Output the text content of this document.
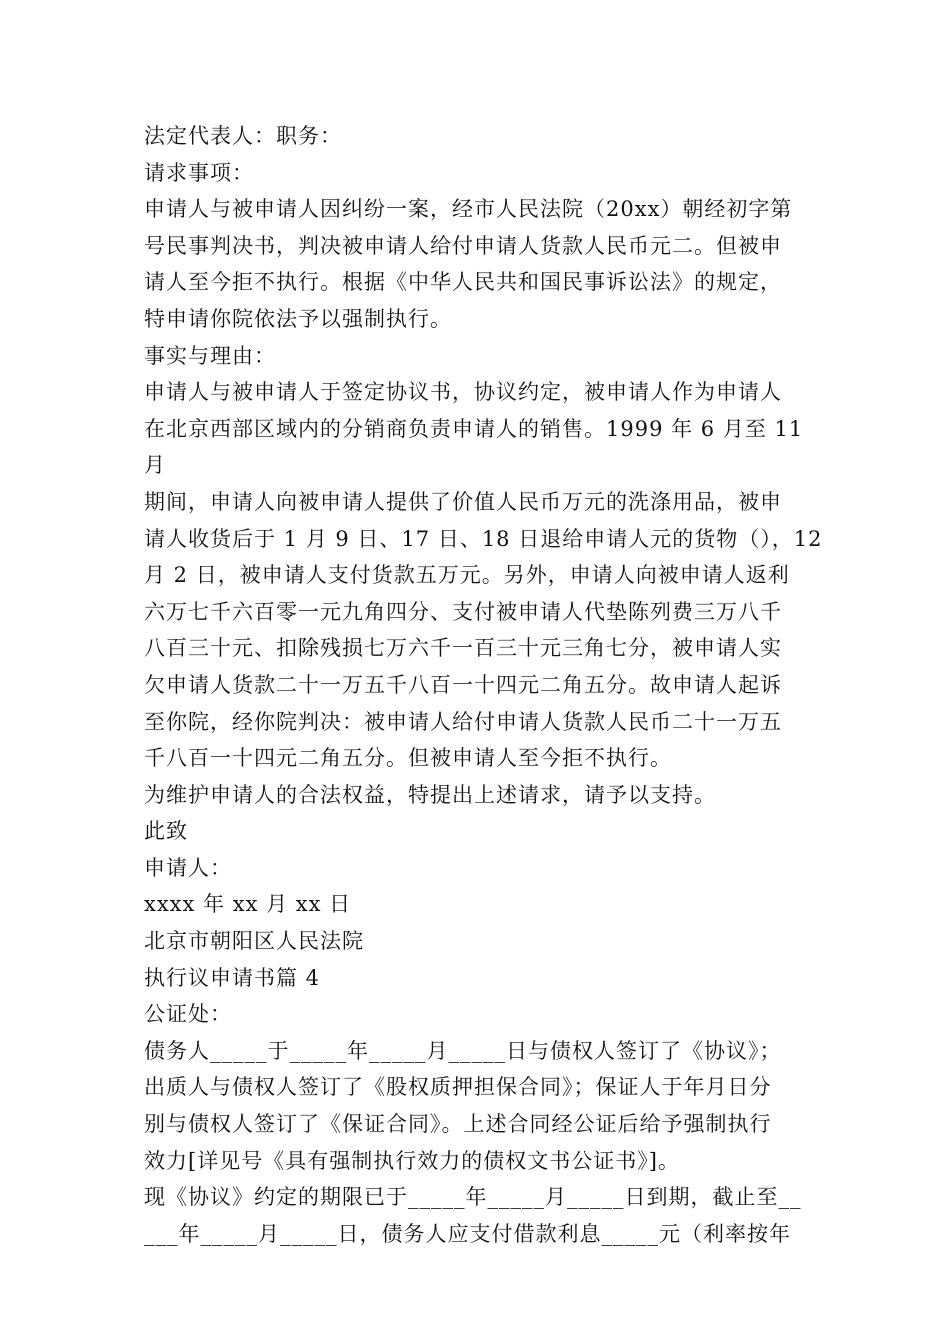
法定代表人：职务：

请求事项：

申请人与被申请人因纠纷一案，经市人民法院（20xx）朝经初字第

号民事判决书，判决被申请人给付申请人货款人民币元二。但被申

请人至今拒不执行。根据《中华人民共和国民事诉讼法》的规定，

特申请你院依法予以强制执行。

事实与理由：

申请人与被申请人于签定协议书，协议约定，被申请人作为申请人

在北京西部区域内的分销商负责申请人的销售。1999 年 6 月至 11 月

期间，申请人向被申请人提供了价值人民币万元的洗涤用品，被申

请人收货后于 1 月 9 日、17 日、18 日退给申请人元的货物（），12

月 2 日，被申请人支付货款五万元。另外，申请人向被申请人返利

六万七千六百零一元九角四分、支付被申请人代垫陈列费三万八千

八百三十元、扣除残损七万六千一百三十元三角七分，被申请人实

欠申请人货款二十一万五千八百一十四元二角五分。故申请人起诉

至你院，经你院判决：被申请人给付申请人货款人民币二十一万五

千八百一十四元二角五分。但被申请人至今拒不执行。

为维护申请人的合法权益，特提出上述请求，请予以支持。

此致

申请人：

xxxx 年 xx 月 xx 日

北京市朝阳区人民法院

执行议申请书篇 4

公证处：

债务人_____于_____年_____月_____日与债权人签订了《协议》；

出质人与债权人签订了《股权质押担保合同》；保证人于年月日分

别与债权人签订了《保证合同》。上述合同经公证后给予强制执行

效力[详见号《具有强制执行效力的债权文书公证书》]。

现《协议》约定的期限已于_____年_____月_____日到期，截止至__

___年_____月_____日，债务人应支付借款利息_____元（利率按年
